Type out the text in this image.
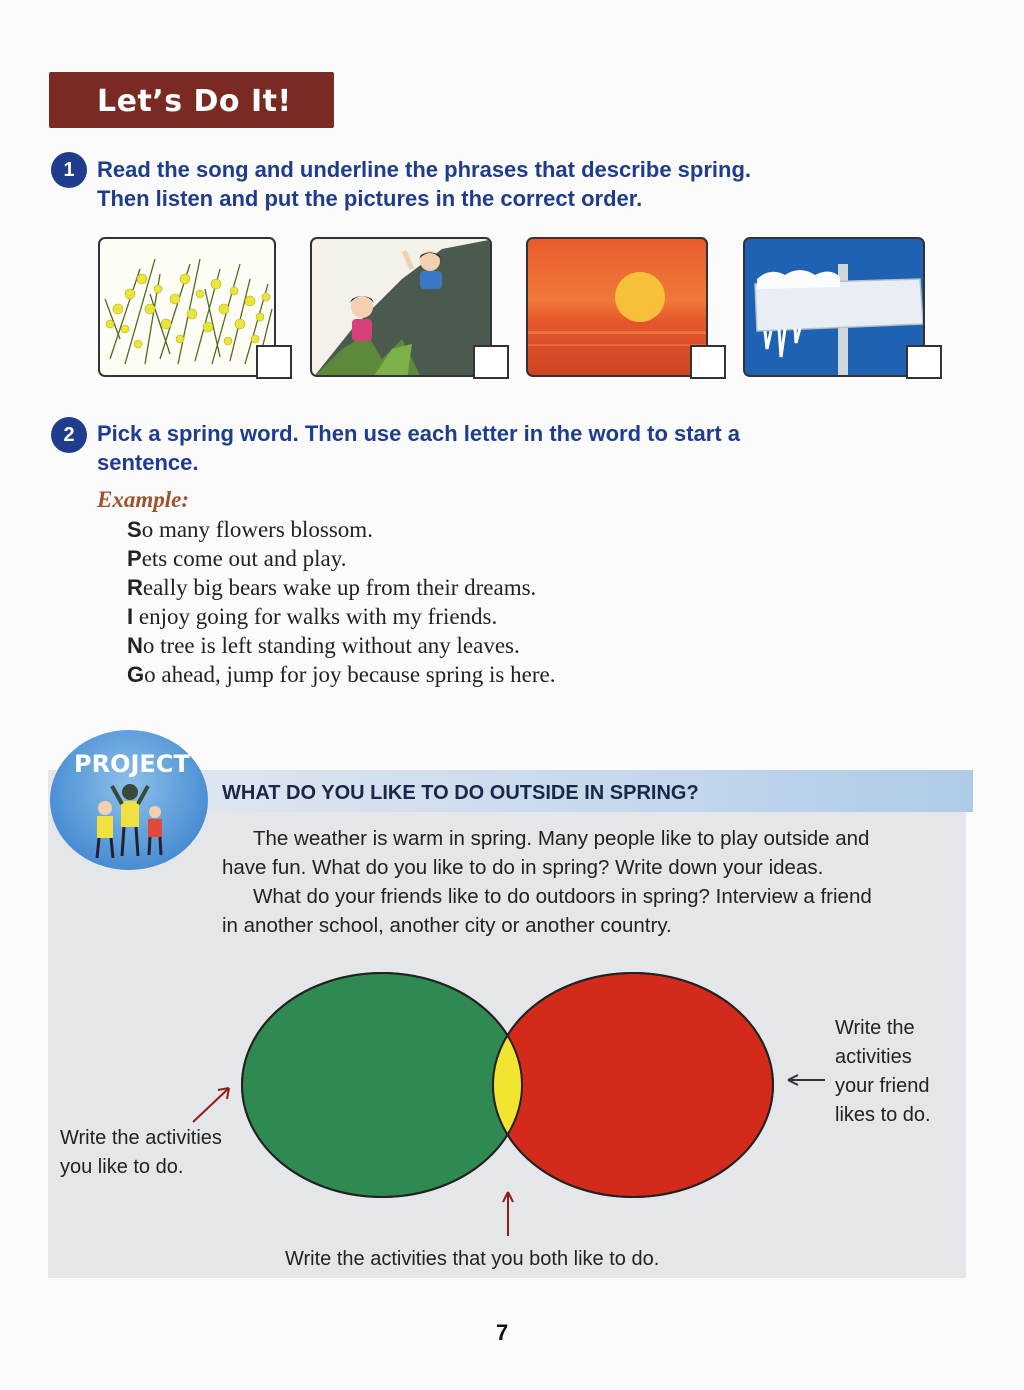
Let’s Do It!
1	Read the song and underline the phrases that describe spring.
Then listen and put the pictures in the correct order.
2	Pick a spring word. Then use each letter in the word to start a
sentence.
Example:
So many flowers blossom.
Pets come out and play.
Really big bears wake up from their dreams.
I enjoy going for walks with my friends.
No tree is left standing without any leaves.
Go ahead, jump for joy because spring is here.
PROJECT
WHAT DO YOU LIKE TO DO OUTSIDE IN SPRING?
The weather is warm in spring. Many people like to play outside and
have fun. What do you like to do in spring? Write down your ideas.
What do your friends like to do outdoors in spring? Interview a friend
in another school, another city or another country.
Write the activities
you like to do.
Write the
activities
your friend
likes to do.
Write the activities that you both like to do.
7
